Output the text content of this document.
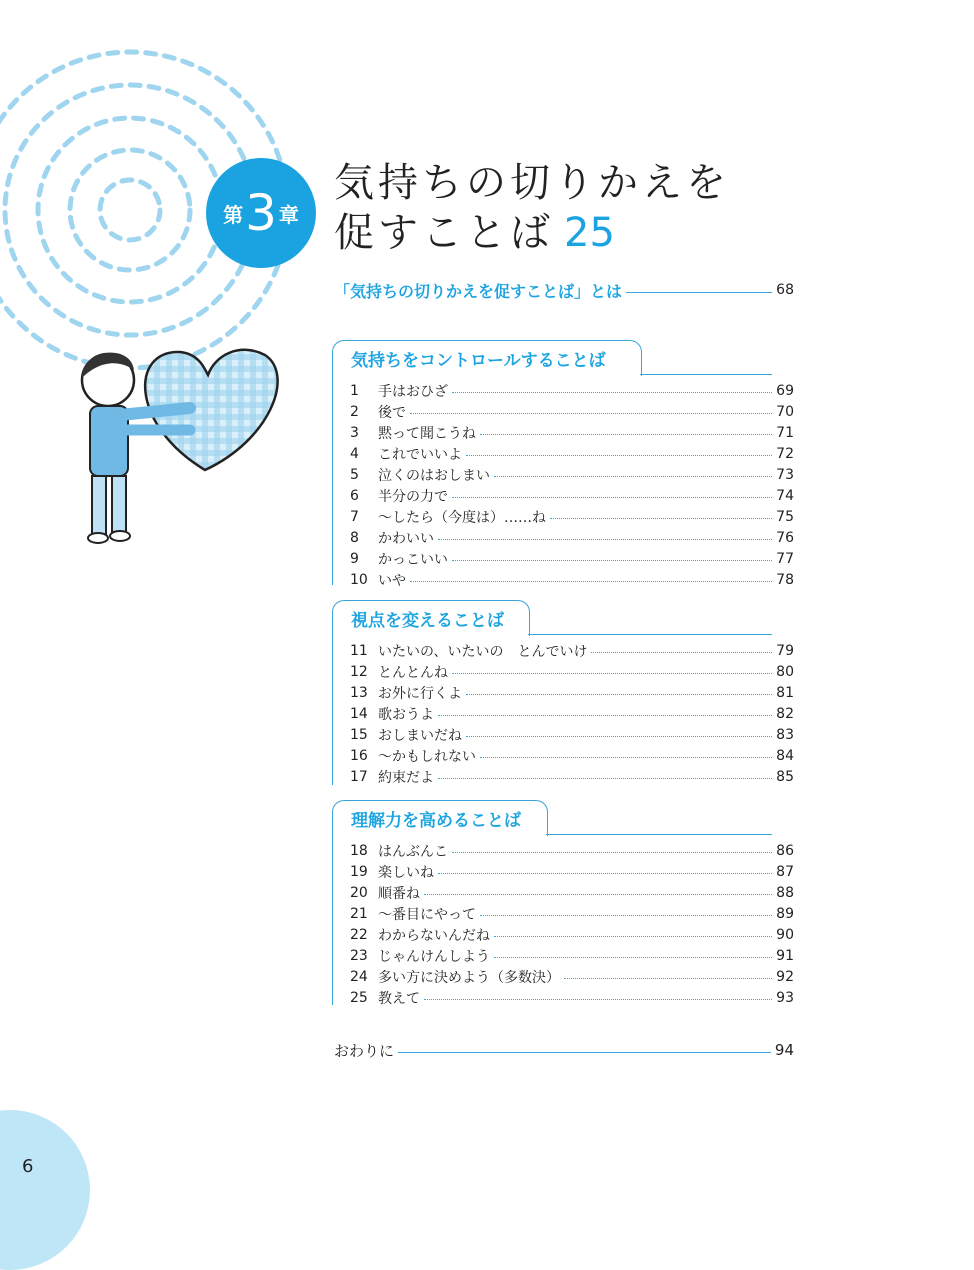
第 3 章
気持ちの切りかえを
促すことば 25
「気持ちの切りかえを促すことば」とは	68
気持ちをコントロールすることば
1	手はおひざ	69
2	後で	70
3	黙って聞こうね	71
4	これでいいよ	72
5	泣くのはおしまい	73
6	半分の力で	74
7	〜したら（今度は）……ね	75
8	かわいい	76
9	かっこいい	77
10 いや	78
視点を変えることば
11 いたいの、いたいの　とんでいけ	79
12 とんとんね	80
13 お外に行くよ	81
14 歌おうよ	82
15 おしまいだね	83
16 〜かもしれない	84
17 約束だよ	85
理解力を高めることば
18 はんぶんこ	86
19 楽しいね	87
20 順番ね	88
21 〜番目にやって	89
22 わからないんだね	90
23 じゃんけんしよう	91
24 多い方に決めよう（多数決）	92
25 教えて	93
おわりに	94
6
